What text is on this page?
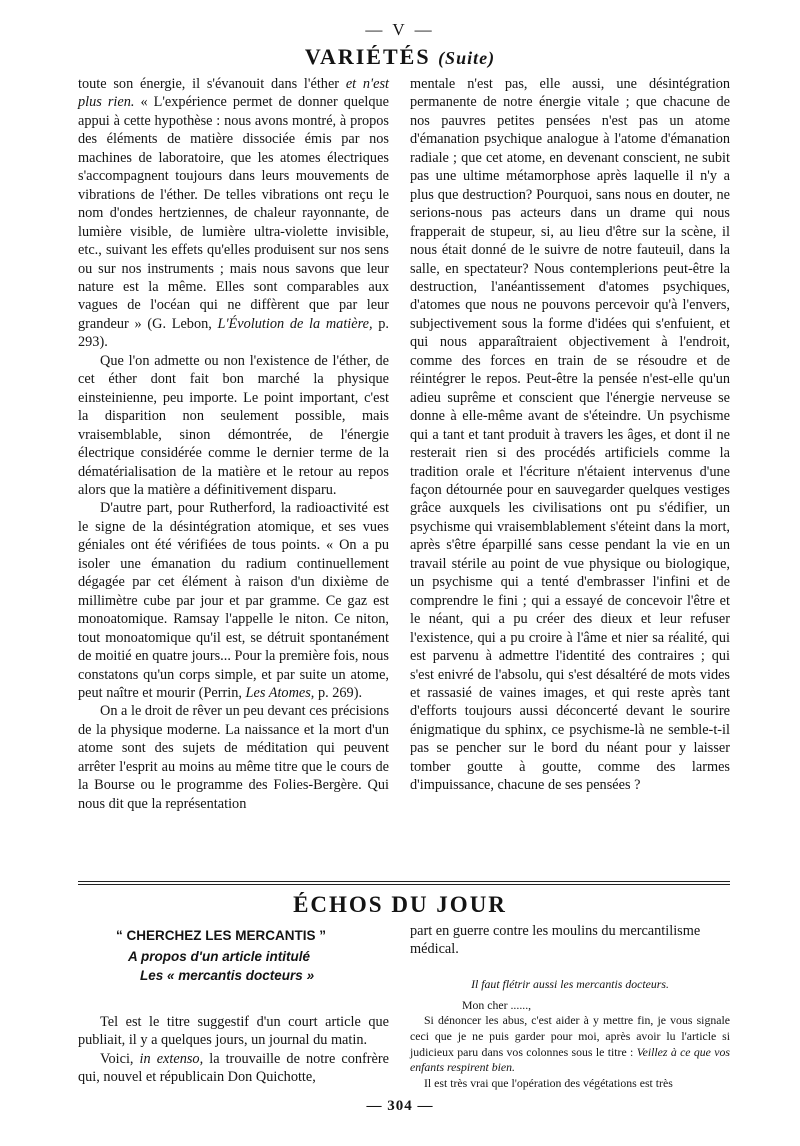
— V —
VARIÉTÉS (Suite)

toute son énergie, il s'évanouit dans l'éther et n'est plus rien. « L'expérience permet de donner quelque appui à cette hypothèse : nous avons montré, à propos des éléments de matière dissociée émis par nos machines de laboratoire, que les atomes électriques s'accompagnent toujours dans leurs mouvements de vibrations de l'éther. De telles vibrations ont reçu le nom d'ondes hertziennes, de chaleur rayonnante, de lumière visible, de lumière ultra-violette invisible, etc., suivant les effets qu'elles produisent sur nos sens ou sur nos instruments ; mais nous savons que leur nature est la même. Elles sont comparables aux vagues de l'océan qui ne diffèrent que par leur grandeur » (G. Lebon, L'Évolution de la matière, p. 293).

Que l'on admette ou non l'existence de l'éther, de cet éther dont fait bon marché la physique einsteinienne, peu importe. Le point important, c'est la disparition non seulement possible, mais vraisemblable, sinon démontrée, de l'énergie électrique considérée comme le dernier terme de la dématérialisation de la matière et le retour au repos alors que la matière a définitivement disparu.

D'autre part, pour Rutherford, la radioactivité est le signe de la désintégration atomique, et ses vues géniales ont été vérifiées de tous points. « On a pu isoler une émanation du radium continuellement dégagée par cet élément à raison d'un dixième de millimètre cube par jour et par gramme. Ce gaz est monoatomique. Ramsay l'appelle le niton. Ce niton, tout monoatomique qu'il est, se détruit spontanément de moitié en quatre jours... Pour la première fois, nous constatons qu'un corps simple, et par suite un atome, peut naître et mourir (Perrin, Les Atomes, p. 269).

On a le droit de rêver un peu devant ces précisions de la physique moderne. La naissance et la mort d'un atome sont des sujets de méditation qui peuvent arrêter l'esprit au moins au même titre que le cours de la Bourse ou le programme des Folies-Bergère. Qui nous dit que la représentation

mentale n'est pas, elle aussi, une désintégration permanente de notre énergie vitale ; que chacune de nos pauvres petites pensées n'est pas un atome d'émanation psychique analogue à l'atome d'émanation radiale ; que cet atome, en devenant conscient, ne subit pas une ultime métamorphose après laquelle il n'y a plus que destruction? Pourquoi, sans nous en douter, ne serions-nous pas acteurs dans un drame qui nous frapperait de stupeur, si, au lieu d'être sur la scène, il nous était donné de le suivre de notre fauteuil, dans la salle, en spectateur? Nous contemplerions peut-être la destruction, l'anéantissement d'atomes psychiques, d'atomes que nous ne pouvons percevoir qu'à l'envers, subjectivement sous la forme d'idées qui s'enfuient, et qui nous apparaîtraient objectivement à l'endroit, comme des forces en train de se résoudre et de réintégrer le repos. Peut-être la pensée n'est-elle qu'un adieu suprême et conscient que l'énergie nerveuse se donne à elle-même avant de s'éteindre. Un psychisme qui a tant et tant produit à travers les âges, et dont il ne resterait rien si des procédés artificiels comme la tradition orale et l'écriture n'étaient intervenus d'une façon détournée pour en sauvegarder quelques vestiges grâce auxquels les civilisations ont pu s'édifier, un psychisme qui vraisemblablement s'éteint dans la mort, après s'être éparpillé sans cesse pendant la vie en un travail stérile au point de vue physique ou biologique, un psychisme qui a tenté d'embrasser l'infini et de comprendre le fini ; qui a essayé de concevoir l'être et le néant, qui a pu créer des dieux et leur refuser l'existence, qui a pu croire à l'âme et nier sa réalité, qui est parvenu à admettre l'identité des contraires ; qui s'est enivré de l'absolu, qui s'est désaltéré de mots vides et rassasié de vaines images, et qui reste après tant d'efforts toujours aussi déconcerté devant le sourire énigmatique du sphinx, ce psychisme-là ne semble-t-il pas se pencher sur le bord du néant pour y laisser tomber goutte à goutte, comme des larmes d'impuissance, chacune de ses pensées ?

ÉCHOS DU JOUR
“ CHERCHEZ LES MERCANTIS ”
A propos d'un article intitulé
Les « mercantis docteurs »

Tel est le titre suggestif d'un court article que publiait, il y a quelques jours, un journal du matin.

Voici, in extenso, la trouvaille de notre confrère qui, nouvel et républicain Don Quichotte,

part en guerre contre les moulins du mercantilisme médical.

Il faut flétrir aussi les mercantis docteurs.

Mon cher ......,

Si dénoncer les abus, c'est aider à y mettre fin, je vous signale ceci que je ne puis garder pour moi, après avoir lu l'article si judicieux paru dans vos colonnes sous le titre : Veillez à ce que vos enfants respirent bien.

Il est très vrai que l'opération des végétations est très

— 304 —
